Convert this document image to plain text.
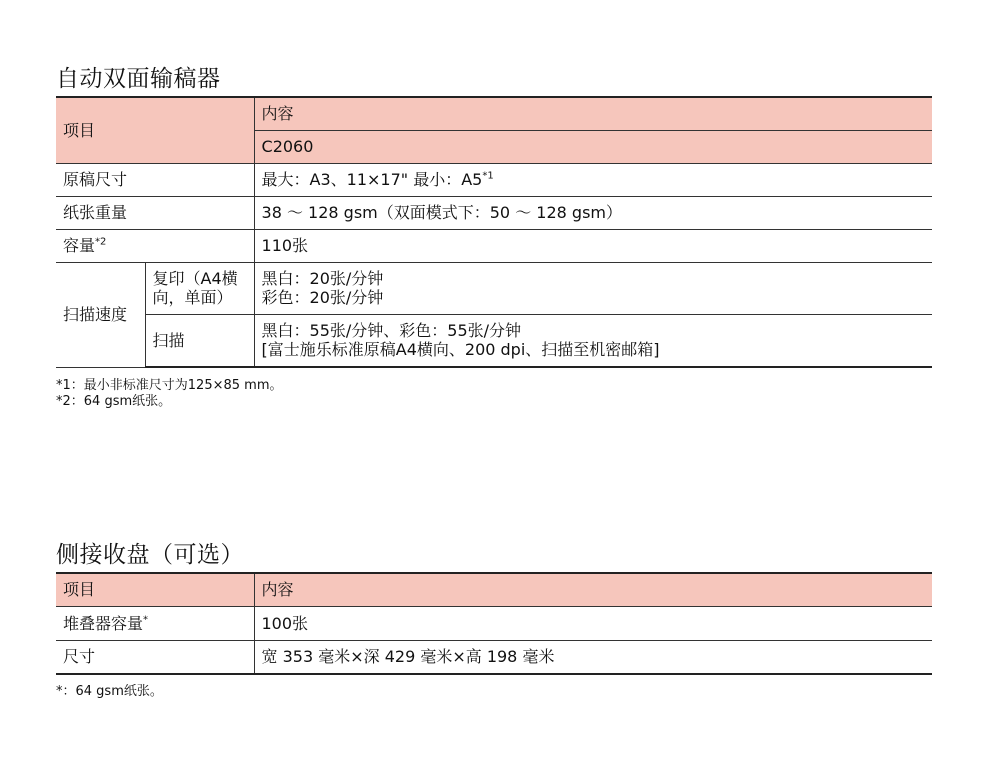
自动双面输稿器
项目		内容
		C2060
原稿尺寸		最大：A3、11×17" 最小：A5$^{*1}$
纸张重量		38 ～ 128 gsm（双面模式下：50 ～ 128 gsm）
容量$^{*2}$		110张
扫描速度	复印（A4横向，单面）	黑白：20张/分钟
彩色：20张/分钟

	扫描	黑白：55张/分钟、彩色：55张/分钟
[富士施乐标准原稿A4横向、200 dpi、扫描至机密邮箱]
*1：最小非标准尺寸为125×85 mm。
*2：64 gsm纸张。
侧接收盘（可选）
项目	内容
堆叠器容量*	100张
尺寸	宽 353 毫米×深 429 毫米×高 198 毫米
*：64 gsm纸张。
